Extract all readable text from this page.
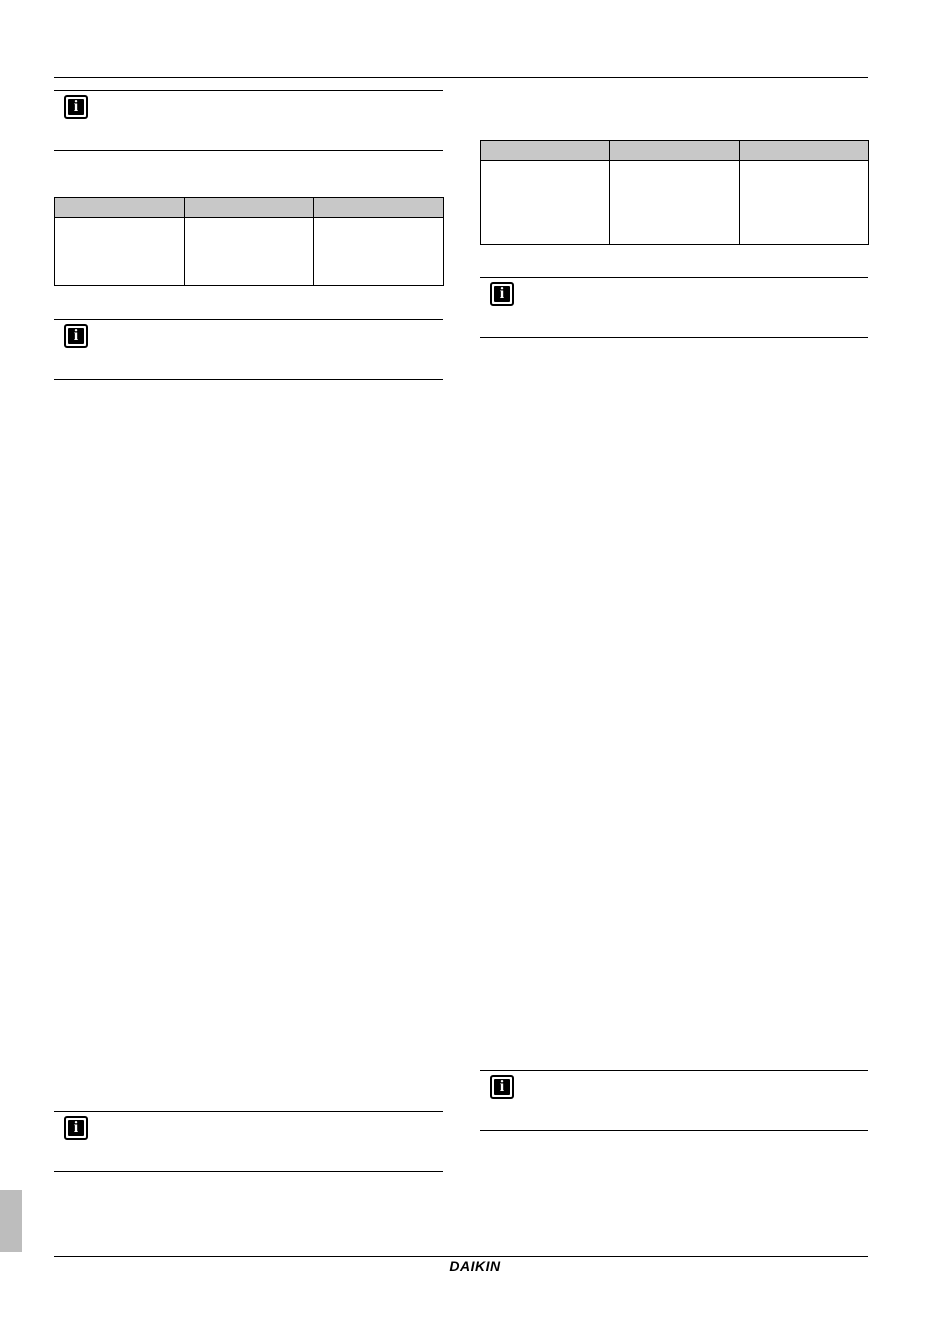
i

i
i

i
i
DAIKIN
